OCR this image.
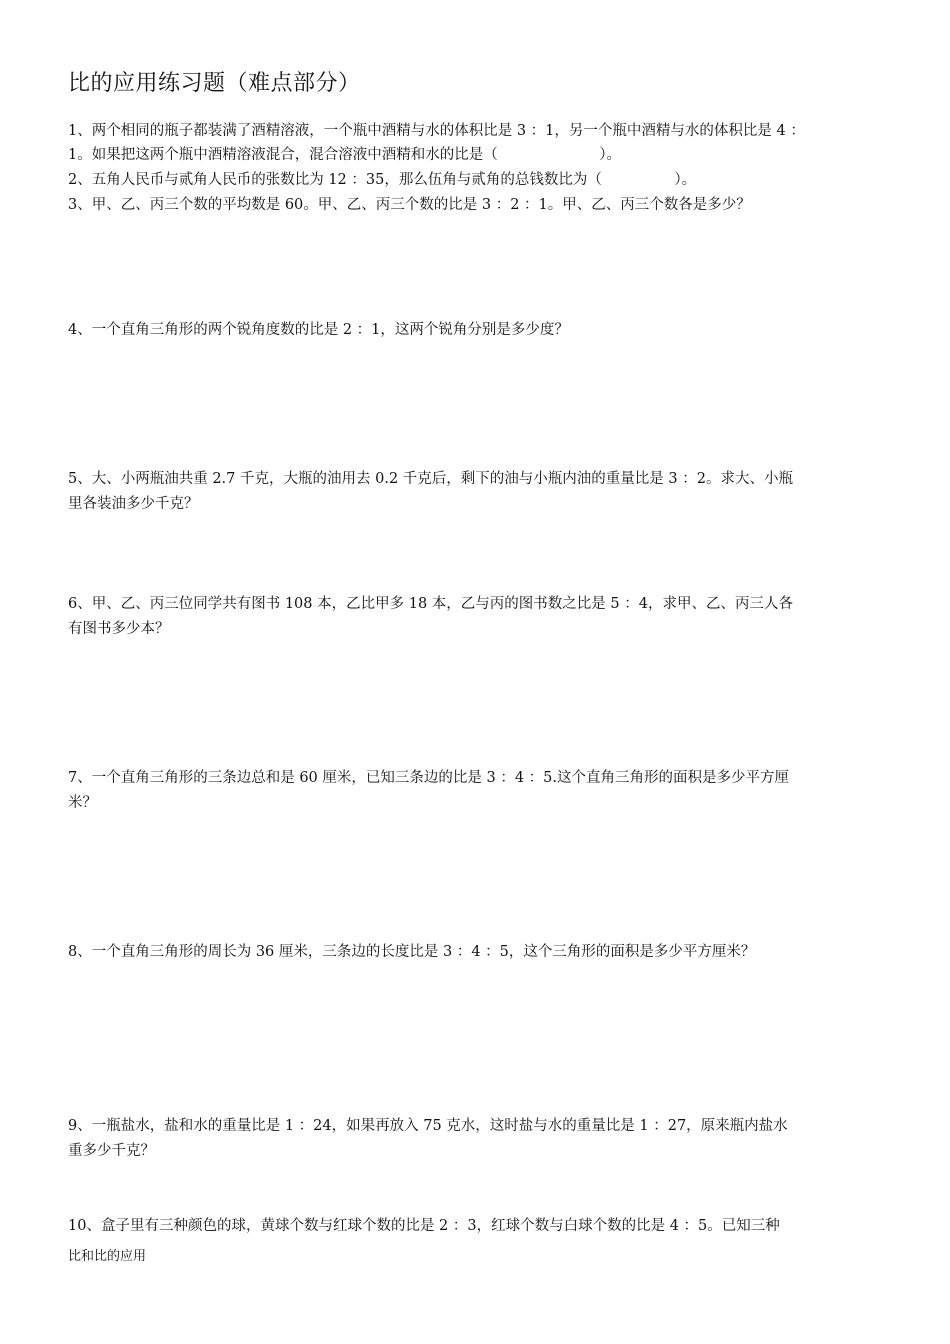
比的应用练习题（难点部分）
1、两个相同的瓶子都装满了酒精溶液，一个瓶中酒精与水的体积比是 3 ：1，另一个瓶中酒精与水的体积比是 4 ：
1。如果把这两个瓶中酒精溶液混合，混合溶液中酒精和水的比是（　　　　　　　）。
2、五角人民币与贰角人民币的张数比为 12 ：35，那么伍角与贰角的总钱数比为（　　　　　）。
3、甲、乙、丙三个数的平均数是 60。甲、乙、丙三个数的比是 3 ：2 ：1。甲、乙、丙三个数各是多少？
4、一个直角三角形的两个锐角度数的比是 2 ：1，这两个锐角分别是多少度？
5、大、小两瓶油共重 2.7 千克，大瓶的油用去 0.2 千克后，剩下的油与小瓶内油的重量比是 3 ：2。求大、小瓶
里各装油多少千克？
6、甲、乙、丙三位同学共有图书 108 本，乙比甲多 18 本，乙与丙的图书数之比是 5 ：4，求甲、乙、丙三人各
有图书多少本？
7、一个直角三角形的三条边总和是 60 厘米，已知三条边的比是 3 ：4 ：5.这个直角三角形的面积是多少平方厘
米？
8、一个直角三角形的周长为 36 厘米，三条边的长度比是 3 ：4 ：5，这个三角形的面积是多少平方厘米？
9、一瓶盐水，盐和水的重量比是 1 ：24，如果再放入 75 克水，这时盐与水的重量比是 1 ：27，原来瓶内盐水
重多少千克？
10、盒子里有三种颜色的球，黄球个数与红球个数的比是 2 ：3，红球个数与白球个数的比是 4 ：5。已知三种
比和比的应用
